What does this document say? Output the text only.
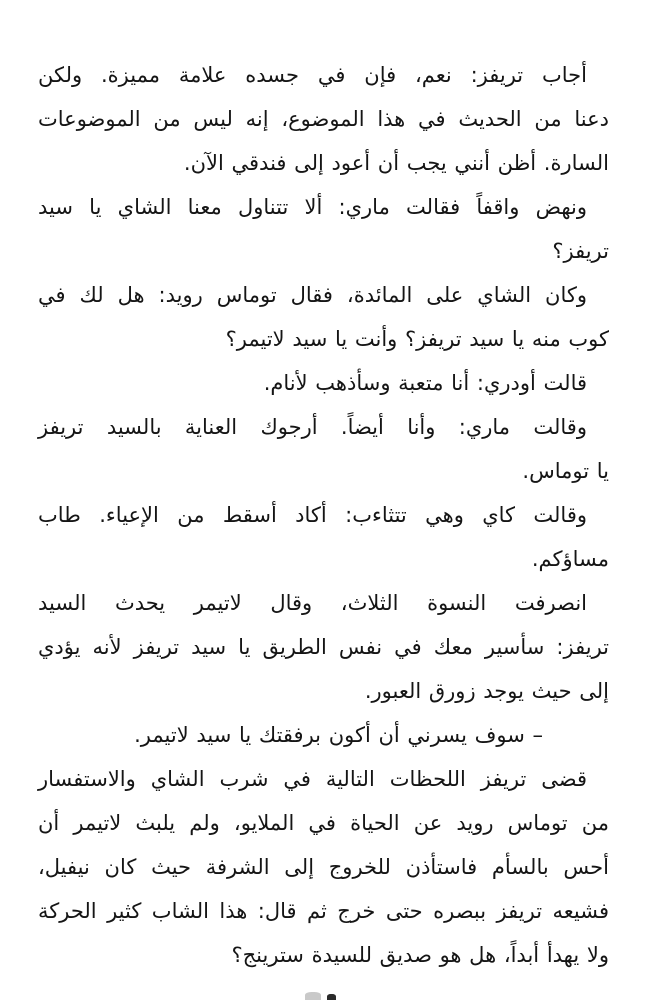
أجاب تريفز: نعم، فإن في جسده علامة مميزة. ولكن
دعنا من الحديث في هذا الموضوع، إنه ليس من الموضوعات
السارة. أظن أنني يجب أن أعود إلى فندقي الآن.

ونهض واقفاً فقالت ماري: ألا تتناول معنا الشاي يا سيد
تريفز؟

وكان الشاي على المائدة، فقال توماس رويد: هل لك في
كوب منه يا سيد تريفز؟ وأنت يا سيد لاتيمر؟

قالت أودري: أنا متعبة وسأذهب لأنام.

وقالت ماري: وأنا أيضاً. أرجوك العناية بالسيد تريفز
يا توماس.

وقالت كاي وهي تتثاءب: أكاد أسقط من الإعياء. طاب
مساؤكم.

انصرفت النسوة الثلاث، وقال لاتيمر يحدث السيد
تريفز: سأسير معك في نفس الطريق يا سيد تريفز لأنه يؤدي
إلى حيث يوجد زورق العبور.

– سوف يسرني أن أكون برفقتك يا سيد لاتيمر.

قضى تريفز اللحظات التالية في شرب الشاي والاستفسار
من توماس رويد عن الحياة في الملايو، ولم يلبث لاتيمر أن
أحس بالسأم فاستأذن للخروج إلى الشرفة حيث كان نيفيل،
فشيعه تريفز ببصره حتى خرج ثم قال: هذا الشاب كثير الحركة
ولا يهدأ أبداً، هل هو صديق للسيدة سترينج؟
